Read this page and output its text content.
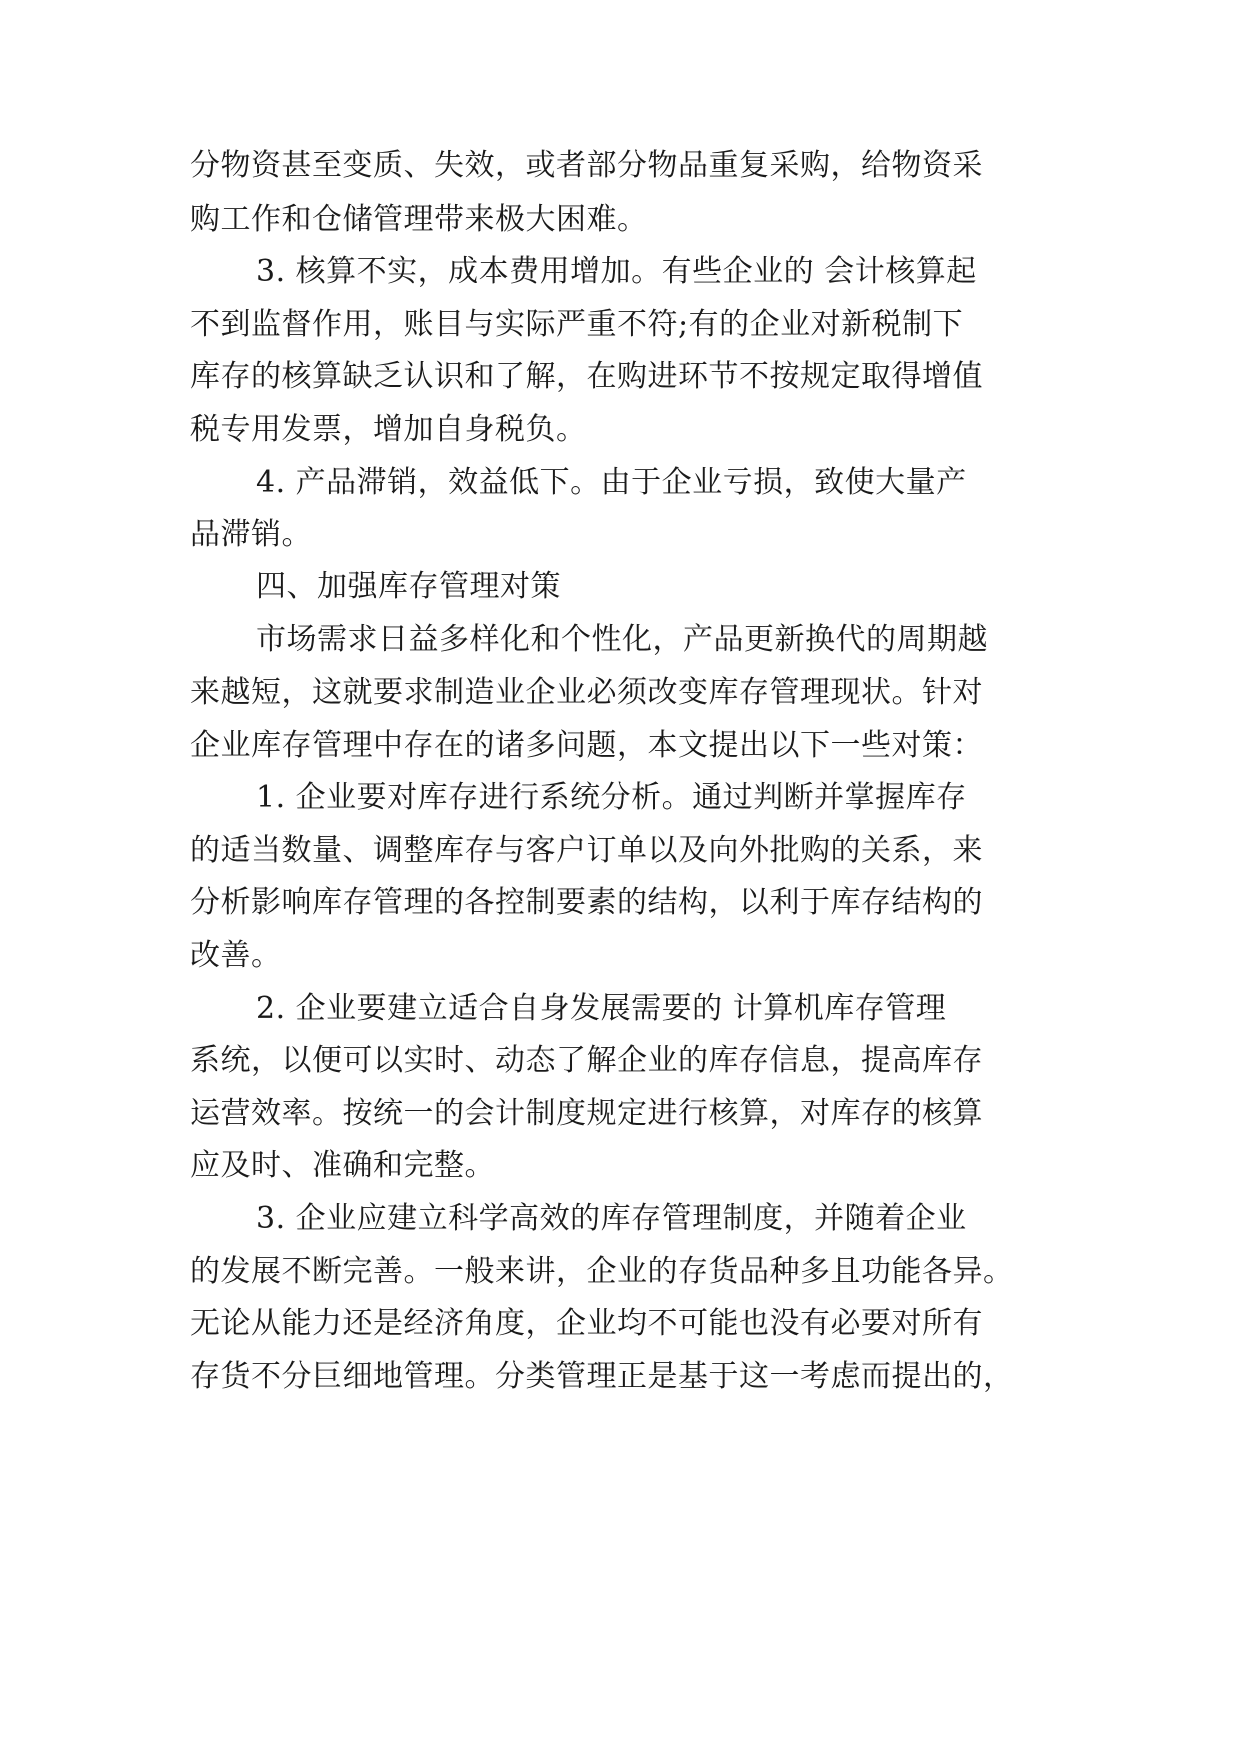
分物资甚至变质、失效，或者部分物品重复采购，给物资采
购工作和仓储管理带来极大困难。
3. 核算不实，成本费用增加。有些企业的 会计核算起
不到监督作用，账目与实际严重不符;有的企业对新税制下
库存的核算缺乏认识和了解，在购进环节不按规定取得增值
税专用发票，增加自身税负。
4. 产品滞销，效益低下。由于企业亏损，致使大量产
品滞销。
四、加强库存管理对策
市场需求日益多样化和个性化，产品更新换代的周期越
来越短，这就要求制造业企业必须改变库存管理现状。针对
企业库存管理中存在的诸多问题，本文提出以下一些对策：
1. 企业要对库存进行系统分析。通过判断并掌握库存
的适当数量、调整库存与客户订单以及向外批购的关系，来
分析影响库存管理的各控制要素的结构，以利于库存结构的
改善。
2. 企业要建立适合自身发展需要的 计算机库存管理
系统，以便可以实时、动态了解企业的库存信息，提高库存
运营效率。按统一的会计制度规定进行核算，对库存的核算
应及时、准确和完整。
3. 企业应建立科学高效的库存管理制度，并随着企业
的发展不断完善。一般来讲，企业的存货品种多且功能各异。
无论从能力还是经济角度，企业均不可能也没有必要对所有
存货不分巨细地管理。分类管理正是基于这一考虑而提出的，
